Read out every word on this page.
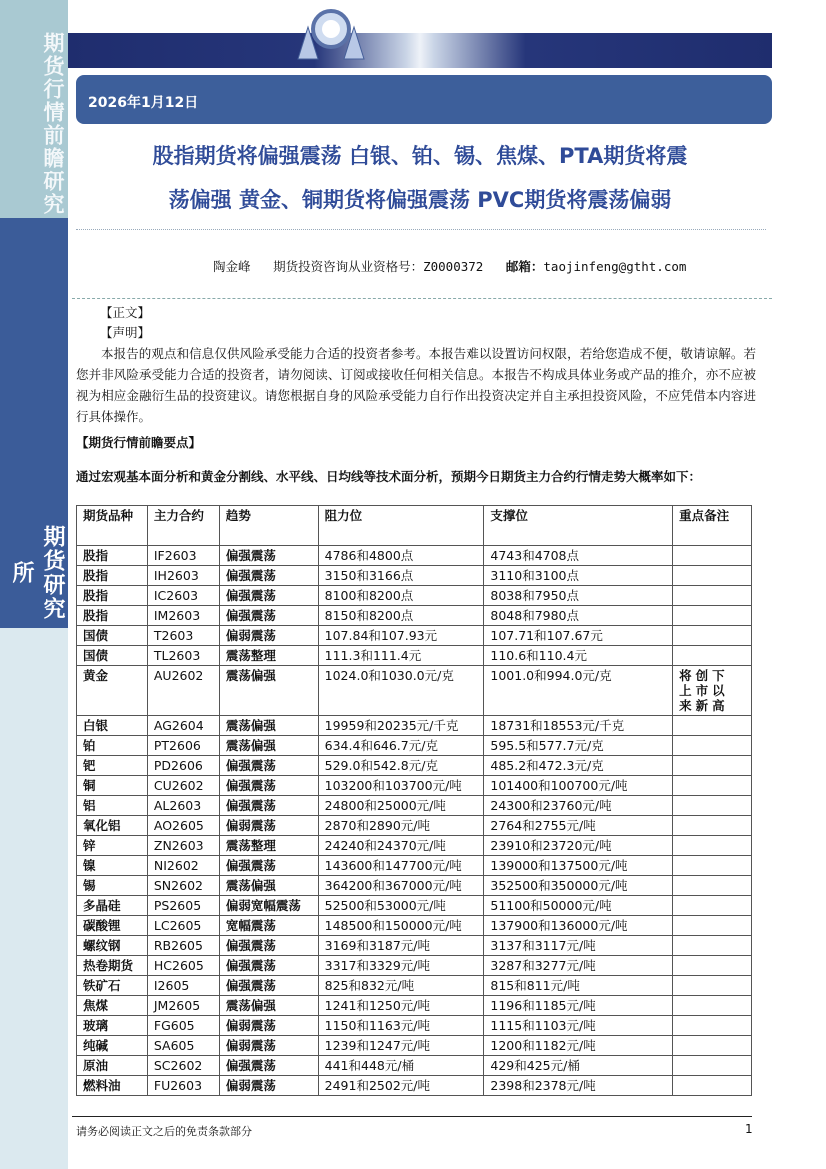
期货行情前瞻研究
期货研究所
2026年1月12日
股指期货将偏强震荡 白银、铂、锡、焦煤、PTA期货将震
荡偏强 黄金、铜期货将偏强震荡 PVC期货将震荡偏弱
陶金峰 期货投资咨询从业资格号：Z0000372 邮箱：taojinfeng@gtht.com
【正文】
【声明】
本报告的观点和信息仅供风险承受能力合适的投资者参考。本报告难以设置访问权限，若给您造成不便，敬请谅解。若您并非风险承受能力合适的投资者，请勿阅读、订阅或接收任何相关信息。本报告不构成具体业务或产品的推介，亦不应被视为相应金融衍生品的投资建议。请您根据自身的风险承受能力自行作出投资决定并自主承担投资风险，不应凭借本内容进行具体操作。
【期货行情前瞻要点】
通过宏观基本面分析和黄金分割线、水平线、日均线等技术面分析，预期今日期货主力合约行情走势大概率如下：
期货品种	主力合约	趋势	阻力位	支撑位	重点备注
股指	IF2603	偏强震荡	4786和4800点	4743和4708点	
股指	IH2603	偏强震荡	3150和3166点	3110和3100点	
股指	IC2603	偏强震荡	8100和8200点	8038和7950点	
股指	IM2603	偏强震荡	8150和8200点	8048和7980点	
国债	T2603	偏弱震荡	107.84和107.93元	107.71和107.67元	
国债	TL2603	震荡整理	111.3和111.4元	110.6和110.4元	
黄金	AU2602	震荡偏强	1024.0和1030.0元/克	1001.0和994.0元/克	将创下上市以来新高
白银	AG2604	震荡偏强	19959和20235元/千克	18731和18553元/千克	
铂	PT2606	震荡偏强	634.4和646.7元/克	595.5和577.7元/克	
钯	PD2606	偏强震荡	529.0和542.8元/克	485.2和472.3元/克	
铜	CU2602	偏强震荡	103200和103700元/吨	101400和100700元/吨	
铝	AL2603	偏强震荡	24800和25000元/吨	24300和23760元/吨	
氧化铝	AO2605	偏弱震荡	2870和2890元/吨	2764和2755元/吨	
锌	ZN2603	震荡整理	24240和24370元/吨	23910和23720元/吨	
镍	NI2602	偏强震荡	143600和147700元/吨	139000和137500元/吨	
锡	SN2602	震荡偏强	364200和367000元/吨	352500和350000元/吨	
多晶硅	PS2605	偏弱宽幅震荡	52500和53000元/吨	51100和50000元/吨	
碳酸锂	LC2605	宽幅震荡	148500和150000元/吨	137900和136000元/吨	
螺纹钢	RB2605	偏强震荡	3169和3187元/吨	3137和3117元/吨	
热卷期货	HC2605	偏强震荡	3317和3329元/吨	3287和3277元/吨	
铁矿石	I2605	偏强震荡	825和832元/吨	815和811元/吨	
焦煤	JM2605	震荡偏强	1241和1250元/吨	1196和1185元/吨	
玻璃	FG605	偏弱震荡	1150和1163元/吨	1115和1103元/吨	
纯碱	SA605	偏弱震荡	1239和1247元/吨	1200和1182元/吨	
原油	SC2602	偏强震荡	441和448元/桶	429和425元/桶	
燃料油	FU2603	偏弱震荡	2491和2502元/吨	2398和2378元/吨	
请务必阅读正文之后的免责条款部分	1
